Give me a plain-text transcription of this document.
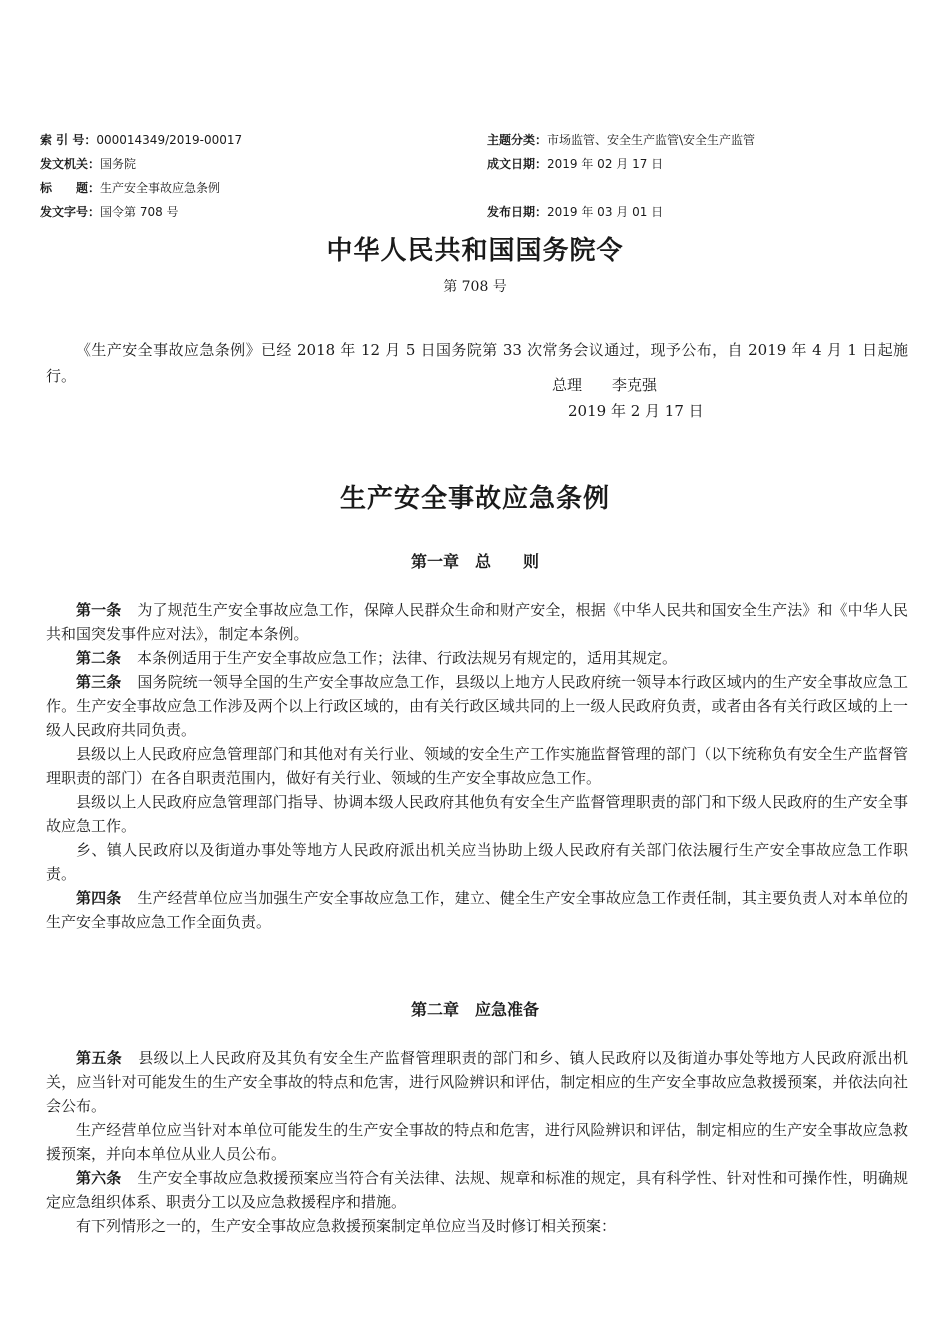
索 引 号： 000014349/2019-00017	主题分类： 市场监管、安全生产监管\安全生产监管
发文机关： 国务院	成文日期： 2019 年 02 月 17 日
标　　题： 生产安全事故应急条例
发文字号： 国令第 708 号	发布日期： 2019 年 03 月 01 日
中华人民共和国国务院令
第 708 号

《生产安全事故应急条例》已经 2018 年 12 月 5 日国务院第 33 次常务会议通过，现予公布，自 2019 年 4 月 1 日起施行。	总理　　李克强
2019 年 2 月 17 日
生产安全事故应急条例
第一章　总　　则

第一条 为了规范生产安全事故应急工作，保障人民群众生命和财产安全，根据《中华人民共和国安全生产法》和《中华人民共和国突发事件应对法》，制定本条例。

第二条 本条例适用于生产安全事故应急工作；法律、行政法规另有规定的，适用其规定。

第三条 国务院统一领导全国的生产安全事故应急工作，县级以上地方人民政府统一领导本行政区域内的生产安全事故应急工作。生产安全事故应急工作涉及两个以上行政区域的，由有关行政区域共同的上一级人民政府负责，或者由各有关行政区域的上一级人民政府共同负责。

县级以上人民政府应急管理部门和其他对有关行业、领域的安全生产工作实施监督管理的部门（以下统称负有安全生产监督管理职责的部门）在各自职责范围内，做好有关行业、领域的生产安全事故应急工作。

县级以上人民政府应急管理部门指导、协调本级人民政府其他负有安全生产监督管理职责的部门和下级人民政府的生产安全事故应急工作。

乡、镇人民政府以及街道办事处等地方人民政府派出机关应当协助上级人民政府有关部门依法履行生产安全事故应急工作职责。

第四条 生产经营单位应当加强生产安全事故应急工作，建立、健全生产安全事故应急工作责任制，其主要负责人对本单位的生产安全事故应急工作全面负责。

第二章　应急准备

第五条 县级以上人民政府及其负有安全生产监督管理职责的部门和乡、镇人民政府以及街道办事处等地方人民政府派出机关，应当针对可能发生的生产安全事故的特点和危害，进行风险辨识和评估，制定相应的生产安全事故应急救援预案，并依法向社会公布。

生产经营单位应当针对本单位可能发生的生产安全事故的特点和危害，进行风险辨识和评估，制定相应的生产安全事故应急救援预案，并向本单位从业人员公布。

第六条 生产安全事故应急救援预案应当符合有关法律、法规、规章和标准的规定，具有科学性、针对性和可操作性，明确规定应急组织体系、职责分工以及应急救援程序和措施。

有下列情形之一的，生产安全事故应急救援预案制定单位应当及时修订相关预案：
